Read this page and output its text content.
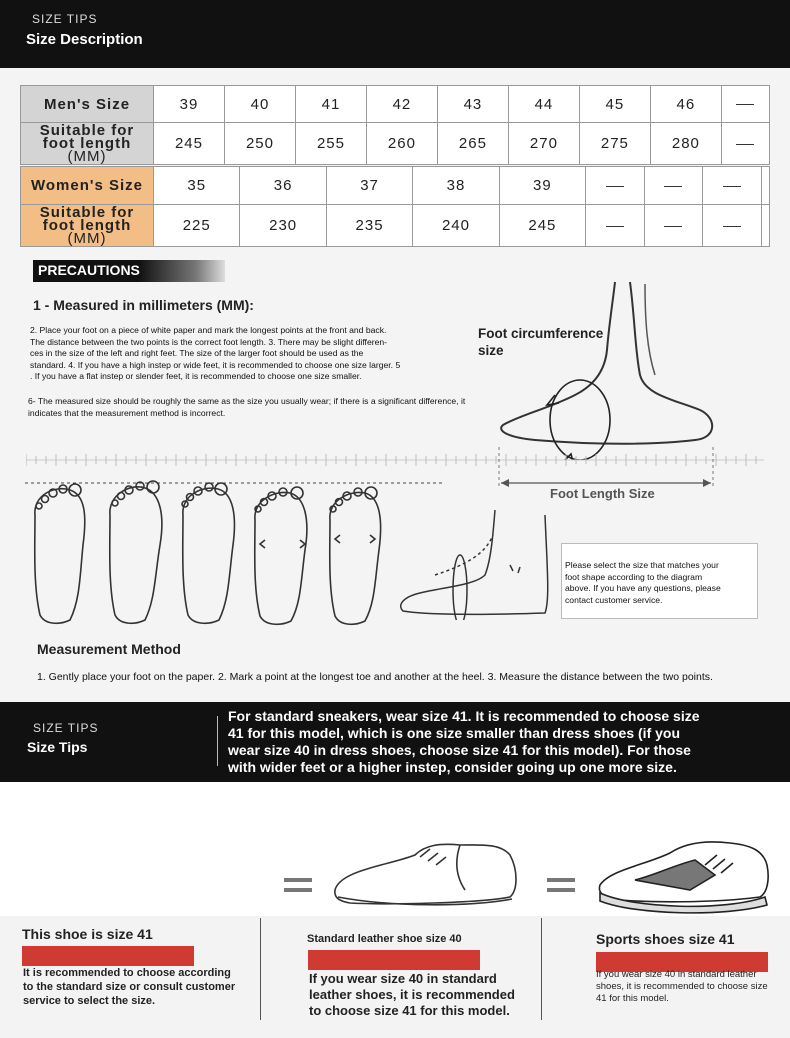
SIZE TIPS
Size Description
Men's Size	39	40	41	42	43	44	45	46	
Suitable for foot length
(MM)	245	250	255	260	265	270	275	280	
Women's Size	35	36	37	38	39				
Suitable for foot length
(MM)	225	230	235	240	245				
PRECAUTIONS
1 - Measured in millimeters (MM):
2. Place your foot on a piece of white paper and mark the longest points at the front and back.
The distance between the two points is the correct foot length. 3. There may be slight differen-
ces in the size of the left and right feet. The size of the larger foot should be used as the
standard. 4. If you have a high instep or wide feet, it is recommended to choose one size larger. 5
. If you have a flat instep or slender feet, it is recommended to choose one size smaller.
6- The measured size should be roughly the same as the size you usually wear; if there is a significant difference, it
indicates that the measurement method is incorrect.
Foot circumference
size
Foot Length Size
Please select the size that matches your
foot shape according to the diagram
above. If you have any questions, please
contact customer service.
Measurement Method
1. Gently place your foot on the paper. 2. Mark a point at the longest toe and another at the heel. 3. Measure the distance between the two points.
SIZE TIPS
Size Tips
For standard sneakers, wear size 41. It is recommended to choose size
41 for this model, which is one size smaller than dress shoes (if you
wear size 40 in dress shoes, choose size 41 for this model). For those
with wider feet or a higher instep, consider going up one more size.
This shoe is size 41
It is recommended to choose according
to the standard size or consult customer
service to select the size.
Standard leather shoe size 40
If you wear size 40 in standard
leather shoes, it is recommended
to choose size 41 for this model.
Sports shoes size 41
If you wear size 40 in standard leather
shoes, it is recommended to choose size
41 for this model.
